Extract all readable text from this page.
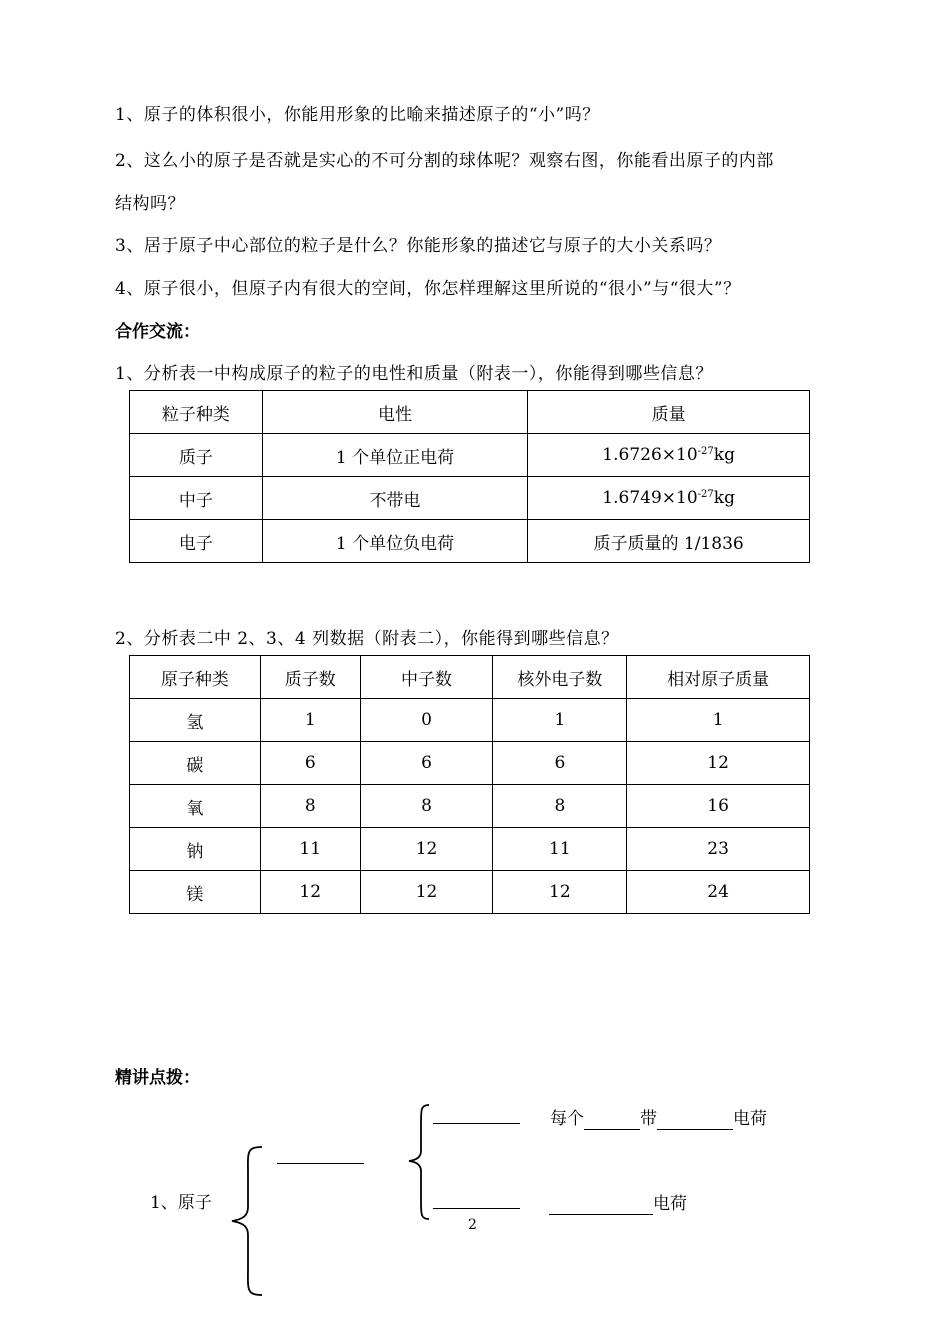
1、原子的体积很小，你能用形象的比喻来描述原子的“小”吗？
2、这么小的原子是否就是实心的不可分割的球体呢？观察右图，你能看出原子的内部
结构吗？
3、居于原子中心部位的粒子是什么？你能形象的描述它与原子的大小关系吗？
4、原子很小，但原子内有很大的空间，你怎样理解这里所说的“很小”与“很大”？
合作交流：
1、分析表一中构成原子的粒子的电性和质量（附表一），你能得到哪些信息？
粒子种类	电性	质量
质子	1 个单位正电荷	$1.6726\times 10^{-27}kg$
中子	不带电	$1.6749\times 10^{-27}kg$
电子	1 个单位负电荷	质子质量的 1/1836
2、分析表二中 2、3、4 列数据（附表二），你能得到哪些信息？
原子种类	质子数	中子数	核外电子数	相对原子质量
氢	1	0	1	1
碳	6	6	6	12
氧	8	8	8	16
钠	11	12	11	23
镁	12	12	12	24
精讲点拨：
1、原子
每个	带	电荷
电荷
2
